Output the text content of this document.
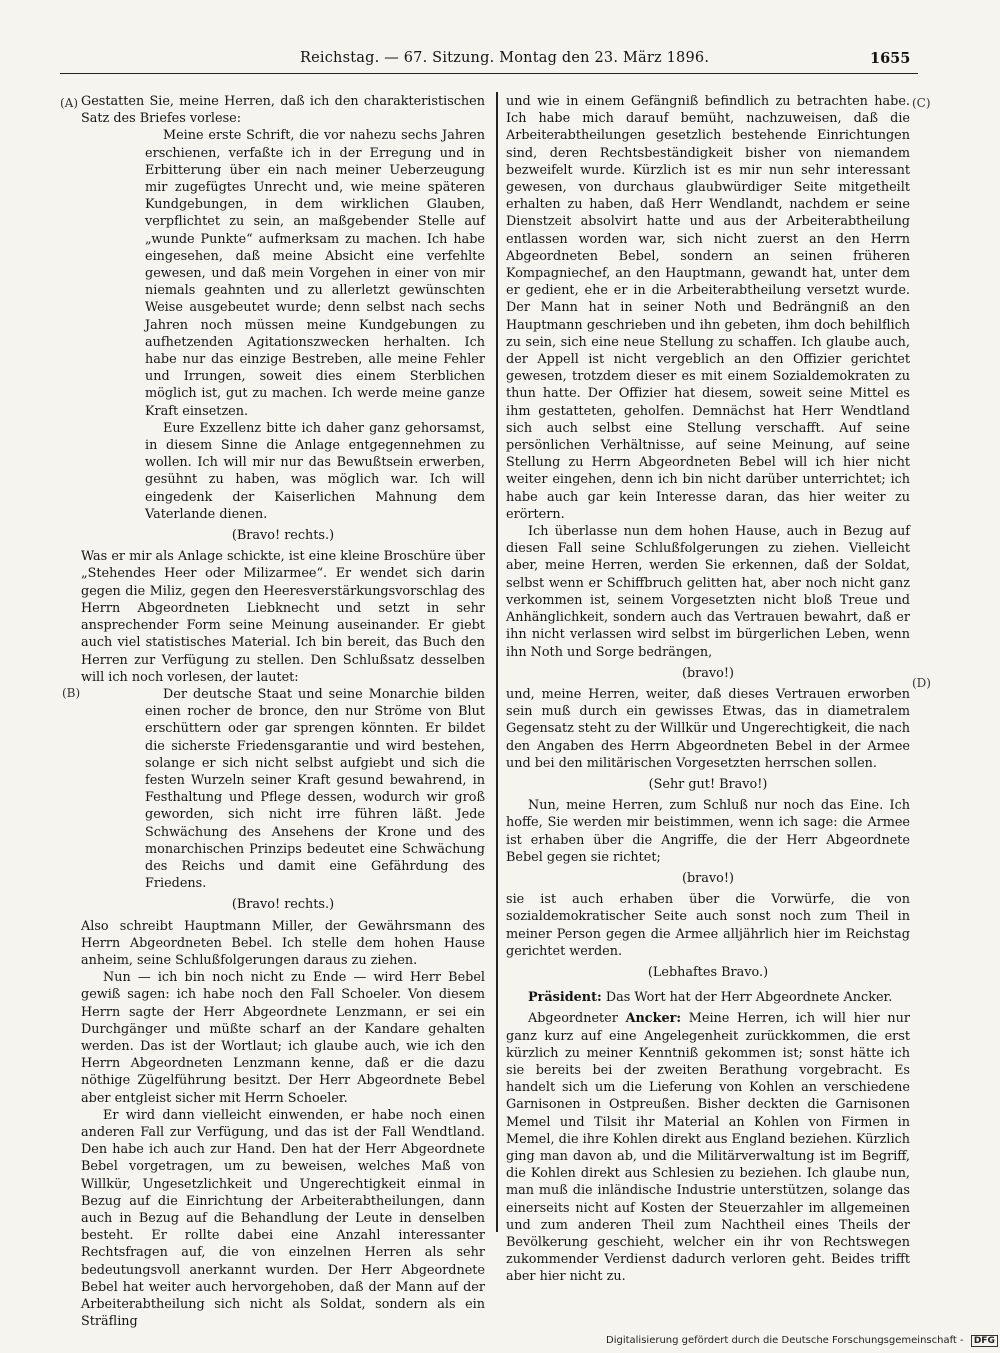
Reichstag. — 67. Sitzung. Montag den 23. März 1896.	1655
(A)
(B)
(C)
(D)

Gestatten Sie, meine Herren, daß ich den charakteristischen Satz des Briefes vorlese:

Meine erste Schrift, die vor nahezu sechs Jahren erschienen, verfaßte ich in der Erregung und in Erbitterung über ein nach meiner Ueberzeugung mir zugefügtes Unrecht und, wie meine späteren Kundgebungen, in dem wirklichen Glauben, verpflichtet zu sein, an maßgebender Stelle auf „wunde Punkte“ aufmerksam zu machen. Ich habe eingesehen, daß meine Absicht eine verfehlte gewesen, und daß mein Vorgehen in einer von mir niemals geahnten und zu allerletzt gewünschten Weise ausgebeutet wurde; denn selbst nach sechs Jahren noch müssen meine Kundgebungen zu aufhetzenden Agitationszwecken herhalten. Ich habe nur das einzige Bestreben, alle meine Fehler und Irrungen, soweit dies einem Sterblichen möglich ist, gut zu machen. Ich werde meine ganze Kraft einsetzen.

Eure Exzellenz bitte ich daher ganz gehorsamst, in diesem Sinne die Anlage entgegennehmen zu wollen. Ich will mir nur das Bewußtsein erwerben, gesühnt zu haben, was möglich war. Ich will eingedenk der Kaiserlichen Mahnung dem Vaterlande dienen.

(Bravo! rechts.)

Was er mir als Anlage schickte, ist eine kleine Broschüre über „Stehendes Heer oder Milizarmee“. Er wendet sich darin gegen die Miliz, gegen den Heeresverstärkungsvorschlag des Herrn Abgeordneten Liebknecht und setzt in sehr ansprechender Form seine Meinung auseinander. Er giebt auch viel statistisches Material. Ich bin bereit, das Buch den Herren zur Verfügung zu stellen. Den Schlußsatz desselben will ich noch vorlesen, der lautet:

Der deutsche Staat und seine Monarchie bilden einen rocher de bronce, den nur Ströme von Blut erschüttern oder gar sprengen könnten. Er bildet die sicherste Friedensgarantie und wird bestehen, solange er sich nicht selbst aufgiebt und sich die festen Wurzeln seiner Kraft gesund bewahrend, in Festhaltung und Pflege dessen, wodurch wir groß geworden, sich nicht irre führen läßt. Jede Schwächung des Ansehens der Krone und des monarchischen Prinzips bedeutet eine Schwächung des Reichs und damit eine Gefährdung des Friedens.

(Bravo! rechts.)

Also schreibt Hauptmann Miller, der Gewährsmann des Herrn Abgeordneten Bebel. Ich stelle dem hohen Hause anheim, seine Schlußfolgerungen daraus zu ziehen.

Nun — ich bin noch nicht zu Ende — wird Herr Bebel gewiß sagen: ich habe noch den Fall Schoeler. Von diesem Herrn sagte der Herr Abgeordnete Lenzmann, er sei ein Durchgänger und müßte scharf an der Kandare gehalten werden. Das ist der Wortlaut; ich glaube auch, wie ich den Herrn Abgeordneten Lenzmann kenne, daß er die dazu nöthige Zügelführung besitzt. Der Herr Abgeordnete Bebel aber entgleist sicher mit Herrn Schoeler.

Er wird dann vielleicht einwenden, er habe noch einen anderen Fall zur Verfügung, und das ist der Fall Wendtland. Den habe ich auch zur Hand. Den hat der Herr Abgeordnete Bebel vorgetragen, um zu beweisen, welches Maß von Willkür, Ungesetzlichkeit und Ungerechtigkeit einmal in Bezug auf die Einrichtung der Arbeiterabtheilungen, dann auch in Bezug auf die Behandlung der Leute in denselben besteht. Er rollte dabei eine Anzahl interessanter Rechtsfragen auf, die von einzelnen Herren als sehr bedeutungsvoll anerkannt wurden. Der Herr Abgeordnete Bebel hat weiter auch hervorgehoben, daß der Mann auf der Arbeiterabtheilung sich nicht als Soldat, sondern als ein Sträfling

und wie in einem Gefängniß befindlich zu betrachten habe. Ich habe mich darauf bemüht, nachzuweisen, daß die Arbeiterabtheilungen gesetzlich bestehende Einrichtungen sind, deren Rechtsbeständigkeit bisher von niemandem bezweifelt wurde. Kürzlich ist es mir nun sehr interessant gewesen, von durchaus glaubwürdiger Seite mitgetheilt erhalten zu haben, daß Herr Wendlandt, nachdem er seine Dienstzeit absolvirt hatte und aus der Arbeiterabtheilung entlassen worden war, sich nicht zuerst an den Herrn Abgeordneten Bebel, sondern an seinen früheren Kompagniechef, an den Hauptmann, gewandt hat, unter dem er gedient, ehe er in die Arbeiterabtheilung versetzt wurde. Der Mann hat in seiner Noth und Bedrängniß an den Hauptmann geschrieben und ihn gebeten, ihm doch behilflich zu sein, sich eine neue Stellung zu schaffen. Ich glaube auch, der Appell ist nicht vergeblich an den Offizier gerichtet gewesen, trotzdem dieser es mit einem Sozialdemokraten zu thun hatte. Der Offizier hat diesem, soweit seine Mittel es ihm gestatteten, geholfen. Demnächst hat Herr Wendtland sich auch selbst eine Stellung verschafft. Auf seine persönlichen Verhältnisse, auf seine Meinung, auf seine Stellung zu Herrn Abgeordneten Bebel will ich hier nicht weiter eingehen, denn ich bin nicht darüber unterrichtet; ich habe auch gar kein Interesse daran, das hier weiter zu erörtern.

Ich überlasse nun dem hohen Hause, auch in Bezug auf diesen Fall seine Schlußfolgerungen zu ziehen. Vielleicht aber, meine Herren, werden Sie erkennen, daß der Soldat, selbst wenn er Schiffbruch gelitten hat, aber noch nicht ganz verkommen ist, seinem Vorgesetzten nicht bloß Treue und Anhänglichkeit, sondern auch das Vertrauen bewahrt, daß er ihn nicht verlassen wird selbst im bürgerlichen Leben, wenn ihn Noth und Sorge bedrängen,

(bravo!)

und, meine Herren, weiter, daß dieses Vertrauen erworben sein muß durch ein gewisses Etwas, das in diametralem Gegensatz steht zu der Willkür und Ungerechtigkeit, die nach den Angaben des Herrn Abgeordneten Bebel in der Armee und bei den militärischen Vorgesetzten herrschen sollen.

(Sehr gut! Bravo!)

Nun, meine Herren, zum Schluß nur noch das Eine. Ich hoffe, Sie werden mir beistimmen, wenn ich sage: die Armee ist erhaben über die Angriffe, die der Herr Abgeordnete Bebel gegen sie richtet;

(bravo!)

sie ist auch erhaben über die Vorwürfe, die von sozialdemokratischer Seite auch sonst noch zum Theil in meiner Person gegen die Armee alljährlich hier im Reichstag gerichtet werden.

(Lebhaftes Bravo.)

Präsident: Das Wort hat der Herr Abgeordnete Ancker.

Abgeordneter Ancker: Meine Herren, ich will hier nur ganz kurz auf eine Angelegenheit zurückkommen, die erst kürzlich zu meiner Kenntniß gekommen ist; sonst hätte ich sie bereits bei der zweiten Berathung vorgebracht. Es handelt sich um die Lieferung von Kohlen an verschiedene Garnisonen in Ostpreußen. Bisher deckten die Garnisonen Memel und Tilsit ihr Material an Kohlen von Firmen in Memel, die ihre Kohlen direkt aus England beziehen. Kürzlich ging man davon ab, und die Militärverwaltung ist im Begriff, die Kohlen direkt aus Schlesien zu beziehen. Ich glaube nun, man muß die inländische Industrie unterstützen, solange das einerseits nicht auf Kosten der Steuerzahler im allgemeinen und zum anderen Theil zum Nachtheil eines Theils der Bevölkerung geschieht, welcher ein ihr von Rechtswegen zukommender Verdienst dadurch verloren geht. Beides trifft aber hier nicht zu.

Digitalisierung gefördert durch die Deutsche Forschungsgemeinschaft - DFG
